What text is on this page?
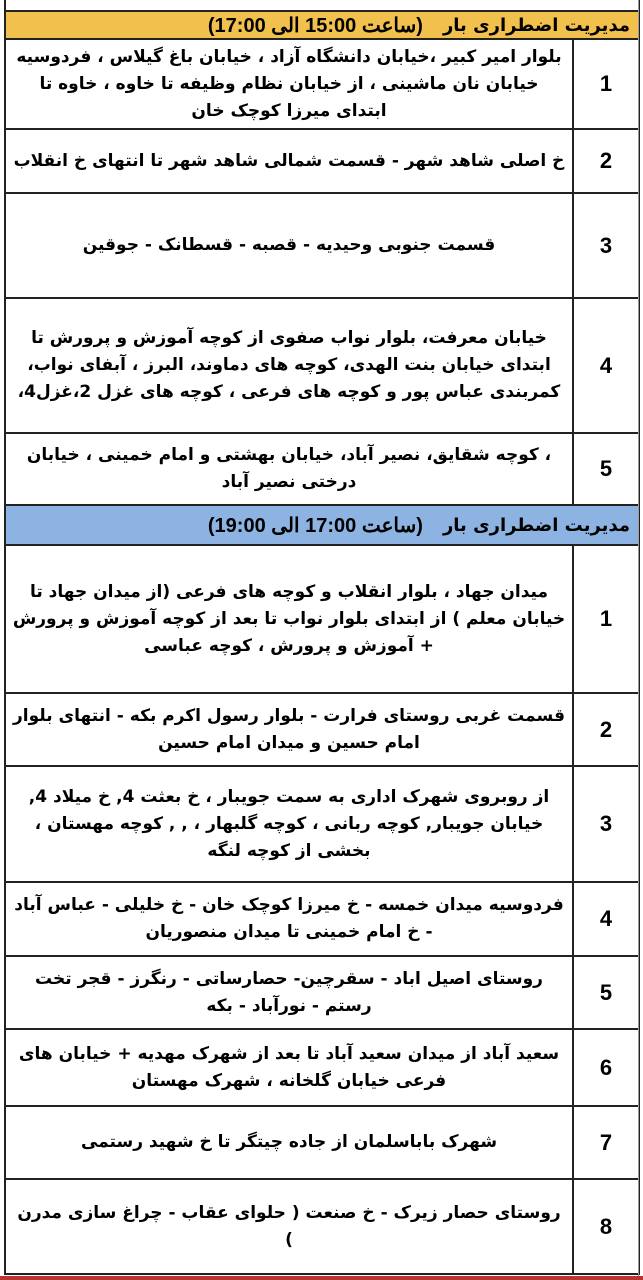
مدیریت اضطراری بار
(ساعت 15:00 الی 17:00)
1
بلوار امیر کبیر ،خیابان دانشگاه آزاد ، خیابان باغ گیلاس ، فردوسیه خیابان نان ماشینی ، از خیابان نظام وظیفه تا خاوه ، خاوه تا ابتدای میرزا کوچک خان
2
خ اصلی شاهد شهر - قسمت شمالی شاهد شهر تا انتهای خ انقلاب
3
قسمت جنوبی وحیدیه - قصبه - قسطانک - جوقین
4
خیابان معرفت، بلوار نواب صفوی از کوچه آموزش و پرورش تا ابتدای خیابان بنت الهدی، کوچه های دماوند، البرز ، آبفای نواب، کمربندی عباس پور و کوچه های فرعی ، کوچه های غزل 2،غزل4،
5
، کوچه شقایق، نصیر آباد، خیابان بهشتی و امام خمینی ، خیابان درختی نصیر آباد
مدیریت اضطراری بار
(ساعت 17:00 الی 19:00)
1
میدان جهاد ، بلوار انقلاب و کوچه های فرعی (از میدان جهاد تا خیابان معلم ) از ابتدای بلوار نواب تا بعد از کوچه آموزش و پرورش + آموزش و پرورش ، کوچه عباسی
2
قسمت غربی روستای فرارت - بلوار رسول اکرم بکه - انتهای بلوار امام حسین و میدان امام حسین
3
از روبروی شهرک اداری به سمت جویبار ، خ بعثت 4, خ میلاد 4, خیابان جویبار, کوچه ربانی ، کوچه گلبهار ، , , کوچه مهستان ، بخشی از کوچه لنگه
4
فردوسیه میدان خمسه - خ میرزا کوچک خان - خ خلیلی - عباس آباد - خ امام خمینی تا میدان منصوریان
5
روستای اصیل اباد - سقرچین- حصارساتی - رنگرز - قجر تخت رستم - نورآباد - بکه
6
سعید آباد از میدان سعید آباد تا بعد از شهرک مهدیه + خیابان های فرعی خیابان گلخانه ، شهرک مهستان
7
شهرک باباسلمان از جاده چیتگر تا خ شهید رستمی
8
روستای حصار زیرک - خ صنعت ( حلوای عقاب - چراغ سازی مدرن )
